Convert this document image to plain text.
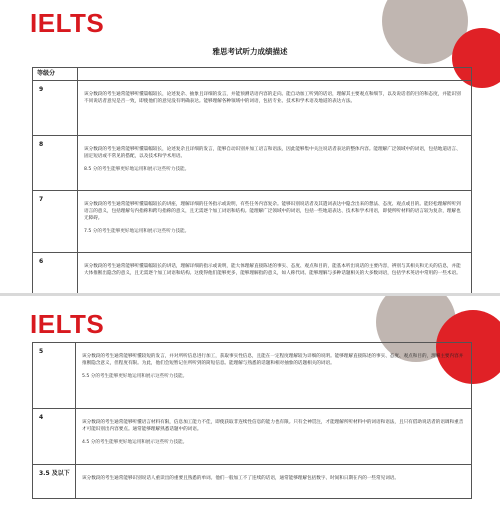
IELTS
雅思考试听力成绩描述
等级分	
9	该分数段的考生通常能够听懂篇幅较长，论述复杂、抽象且详细的发言，并能预测话语内容的走向。能自动加工听到的话语，理解其主要观点和细节，以及说话者的目的和态度，并能识别不同说话者意见是否一致，即使他们的意见没有明确表达。能够理解各种领域中的词语，包括专业、技术和学术语及地道的表达方法。

8	该分数段的考生通常能够听懂篇幅较长，论述复杂且详细的发言，能够自动识别并加工语言和语法，因此能够集中关注说话者表达的整体内容。能理解广泛领域中的词语，包括地道语言、固定短语或不常见的搭配，以及技术和学术用语。
8.5 分的考生能够更好地运用和展示这些听力技能。

7	该分数段的考生通常能够听懂篇幅较长的讲座，理解详细的任务指示或说明，有些任务内容复杂。能够识别说话者及其遣词表达中隐含出来的想法、态度、观点或目的。能轻松理解所听到语言的意义，包括理解句内指称和跨句指称的意义，且无需逐个加工词语和结构。能理解广泛领域中的词语，包括一些地道表达、技术和学术用语，即使所听材料的语言较为复杂，理解也无障碍。
7.5 分的考生能够更好地运用和展示这些听力技能。

6	该分数段的考生通常能够听懂篇幅较长的讲话，理解详细的指示或说明，能大体理解直接陈述的事实、态度、观点和目的，能基本听出说话的主要内容，辨别与其相关和无关的信息，并能大体推断出隐含的意义，且无需逐个加工词语和结构。这使得他们能够更多，能够理解指的意义，如人称代词。能够理解与多种话题相关的大多数词语，包括学术英语中常用的一些术语。
IELTS
5	该分数段的考生通常能够听懂较短的发言，并对所听信息进行加工，获取事实性信息，且能在一定程度理解较为详细的说明。能够理解直接陈述的事实、态度、观点和目的，理解主要内容并推断隐含意义，但程度有限。为此，他们会短暂记住所听到的简短信息。能理解与熟悉的话题和相对抽象的话题相关的词语。
5.5 分的考生能够更好地运用和展示这些听力技能。

4	该分数段的考生通常能够听懂语言材料有限，信息加工能力不佳，即使获取非连续性信息的能力也有限。只有全神贯注，才能理解所听材料中的词语和语法，且只有借助说话者的语调和重音才可能识别出内容要点。通常能够理解熟悉话题中的词语。
4.5 分的考生能够更好地运用和展示这些听力技能。

3.5 及以下	该分数段的考生通常能够识别说话人重读出的重要且熟悉的单词。他们一般加工不了连续的话语，通常能够理解包括数字、时间和日期在内的一些常见词语。
